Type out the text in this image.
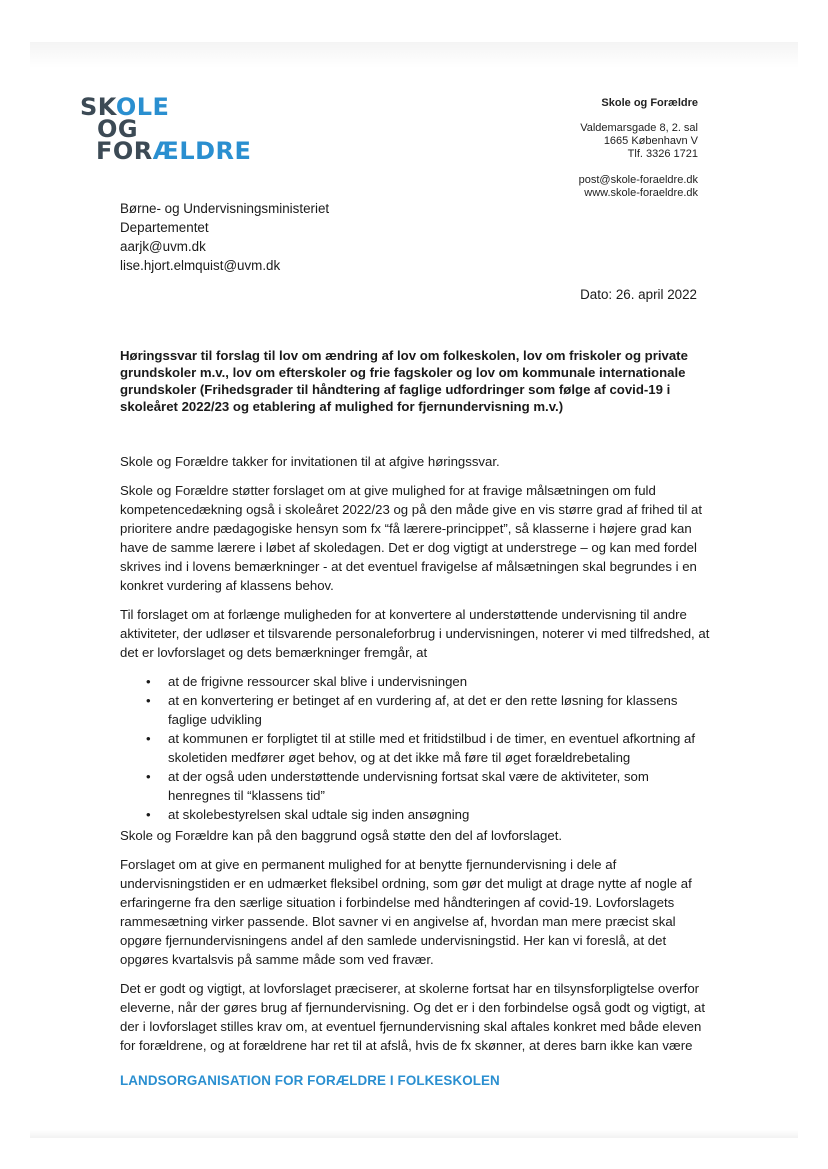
SKOLE
OG
FORÆLDRE
Skole og Forældre
Valdemarsgade 8, 2. sal
1665 København V
Tlf. 3326 1721
post@skole-foraeldre.dk
www.skole-foraeldre.dk
Børne- og Undervisningsministeriet
Departementet
aarjk@uvm.dk
lise.hjort.elmquist@uvm.dk
Dato: 26. april 2022
Høringssvar til forslag til lov om ændring af lov om folkeskolen, lov om friskoler og private grundskoler m.v., lov om efterskoler og frie fagskoler og lov om kommunale internationale grundskoler (Frihedsgrader til håndtering af faglige udfordringer som følge af covid-19 i skoleåret 2022/23 og etablering af mulighed for fjernundervisning m.v.)

Skole og Forældre takker for invitationen til at afgive høringssvar.

Skole og Forældre støtter forslaget om at give mulighed for at fravige målsætningen om fuld kompetencedækning også i skoleåret 2022/23 og på den måde give en vis større grad af frihed til at prioritere andre pædagogiske hensyn som fx “få lærere-princippet”, så klasserne i højere grad kan have de samme lærere i løbet af skoledagen. Det er dog vigtigt at understrege – og kan med fordel skrives ind i lovens bemærkninger - at det eventuel fravigelse af målsætningen skal begrundes i en konkret vurdering af klassens behov.

Til forslaget om at forlænge muligheden for at konvertere al understøttende undervisning til andre aktiviteter, der udløser et tilsvarende personaleforbrug i undervisningen, noterer vi med tilfredshed, at det er lovforslaget og dets bemærkninger fremgår, at

• at de frigivne ressourcer skal blive i undervisningen
• at en konvertering er betinget af en vurdering af, at det er den rette løsning for klassens faglige udvikling
• at kommunen er forpligtet til at stille med et fritidstilbud i de timer, en eventuel afkortning af skoletiden medfører øget behov, og at det ikke må føre til øget forældrebetaling
• at der også uden understøttende undervisning fortsat skal være de aktiviteter, som henregnes til “klassens tid”
• at skolebestyrelsen skal udtale sig inden ansøgning

Skole og Forældre kan på den baggrund også støtte den del af lovforslaget.

Forslaget om at give en permanent mulighed for at benytte fjernundervisning i dele af undervisningstiden er en udmærket fleksibel ordning, som gør det muligt at drage nytte af nogle af erfaringerne fra den særlige situation i forbindelse med håndteringen af covid-19. Lovforslagets rammesætning virker passende. Blot savner vi en angivelse af, hvordan man mere præcist skal opgøre fjernundervisningens andel af den samlede undervisningstid. Her kan vi foreslå, at det opgøres kvartalsvis på samme måde som ved fravær.

Det er godt og vigtigt, at lovforslaget præciserer, at skolerne fortsat har en tilsynsforpligtelse overfor eleverne, når der gøres brug af fjernundervisning. Og det er i den forbindelse også godt og vigtigt, at der i lovforslaget stilles krav om, at eventuel fjernundervisning skal aftales konkret med både eleven for forældrene, og at forældrene har ret til at afslå, hvis de fx skønner, at deres barn ikke kan være

LANDSORGANISATION FOR FORÆLDRE I FOLKESKOLEN
